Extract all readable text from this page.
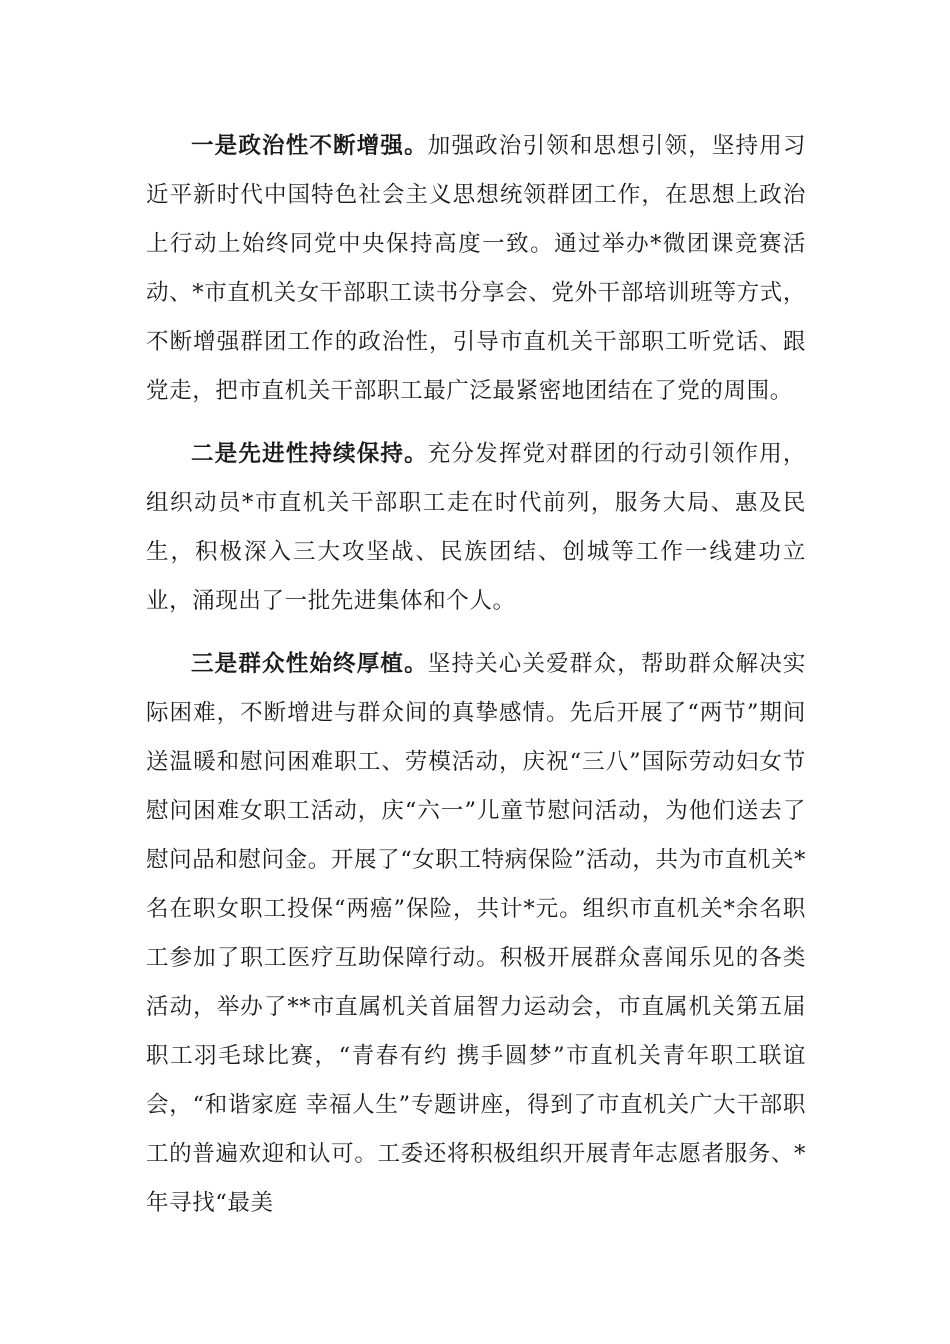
一是政治性不断增强。加强政治引领和思想引领，坚持用习近平新时代中国特色社会主义思想统领群团工作，在思想上政治上行动上始终同党中央保持高度一致。通过举办*微团课竞赛活动、*市直机关女干部职工读书分享会、党外干部培训班等方式，不断增强群团工作的政治性，引导市直机关干部职工听党话、跟党走，把市直机关干部职工最广泛最紧密地团结在了党的周围。

二是先进性持续保持。充分发挥党对群团的行动引领作用，组织动员*市直机关干部职工走在时代前列，服务大局、惠及民生，积极深入三大攻坚战、民族团结、创城等工作一线建功立业，涌现出了一批先进集体和个人。

三是群众性始终厚植。坚持关心关爱群众，帮助群众解决实际困难，不断增进与群众间的真挚感情。先后开展了“两节”期间送温暖和慰问困难职工、劳模活动，庆祝“三八”国际劳动妇女节慰问困难女职工活动，庆“六一”儿童节慰问活动，为他们送去了慰问品和慰问金。开展了“女职工特病保险”活动，共为市直机关*名在职女职工投保“两癌”保险，共计*元。组织市直机关*余名职工参加了职工医疗互助保障行动。积极开展群众喜闻乐见的各类活动，举办了**市直属机关首届智力运动会，市直属机关第五届职工羽毛球比赛，“青春有约 携手圆梦”市直机关青年职工联谊会，“和谐家庭 幸福人生”专题讲座，得到了市直机关广大干部职工的普遍欢迎和认可。工委还将积极组织开展青年志愿者服务、*年寻找“最美
